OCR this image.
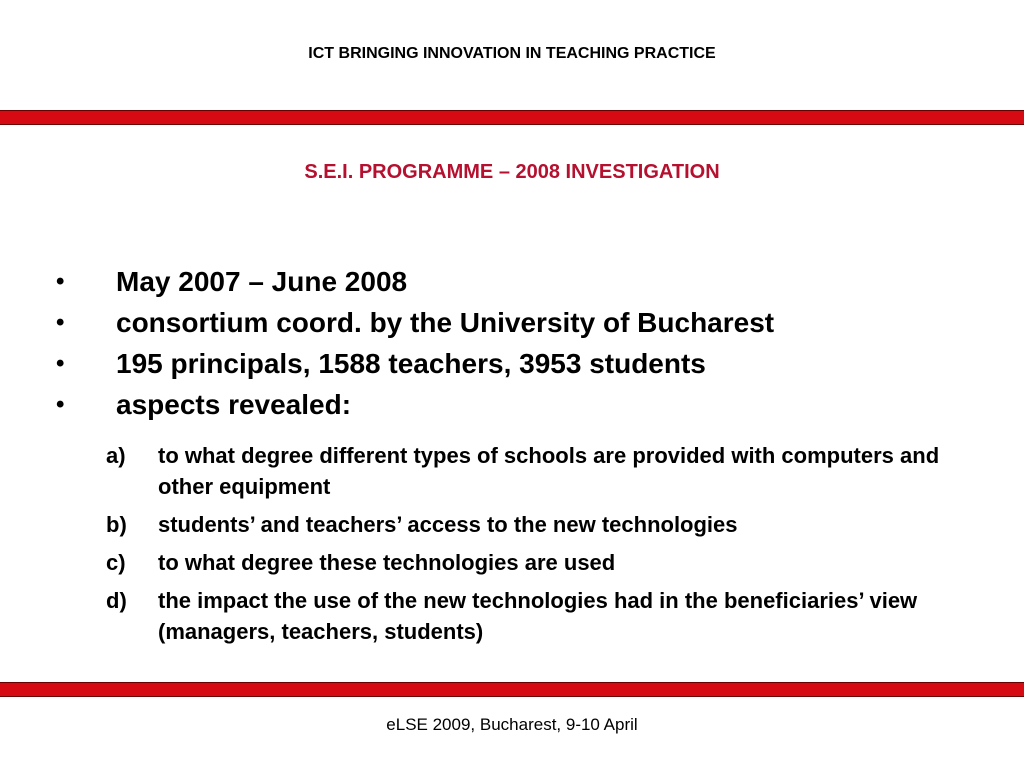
ICT BRINGING INNOVATION IN TEACHING PRACTICE
S.E.I. PROGRAMME – 2008 INVESTIGATION
• May 2007 – June 2008
• consortium coord. by the University of Bucharest
• 195 principals, 1588 teachers, 3953 students
• aspects revealed:
a) to what degree different types of schools are provided with computers and other equipment
b) students’ and teachers’ access to the new technologies
c) to what degree these technologies are used
d) the impact the use of the new technologies had in the beneficiaries’ view (managers, teachers, students)
eLSE 2009, Bucharest, 9-10 April
